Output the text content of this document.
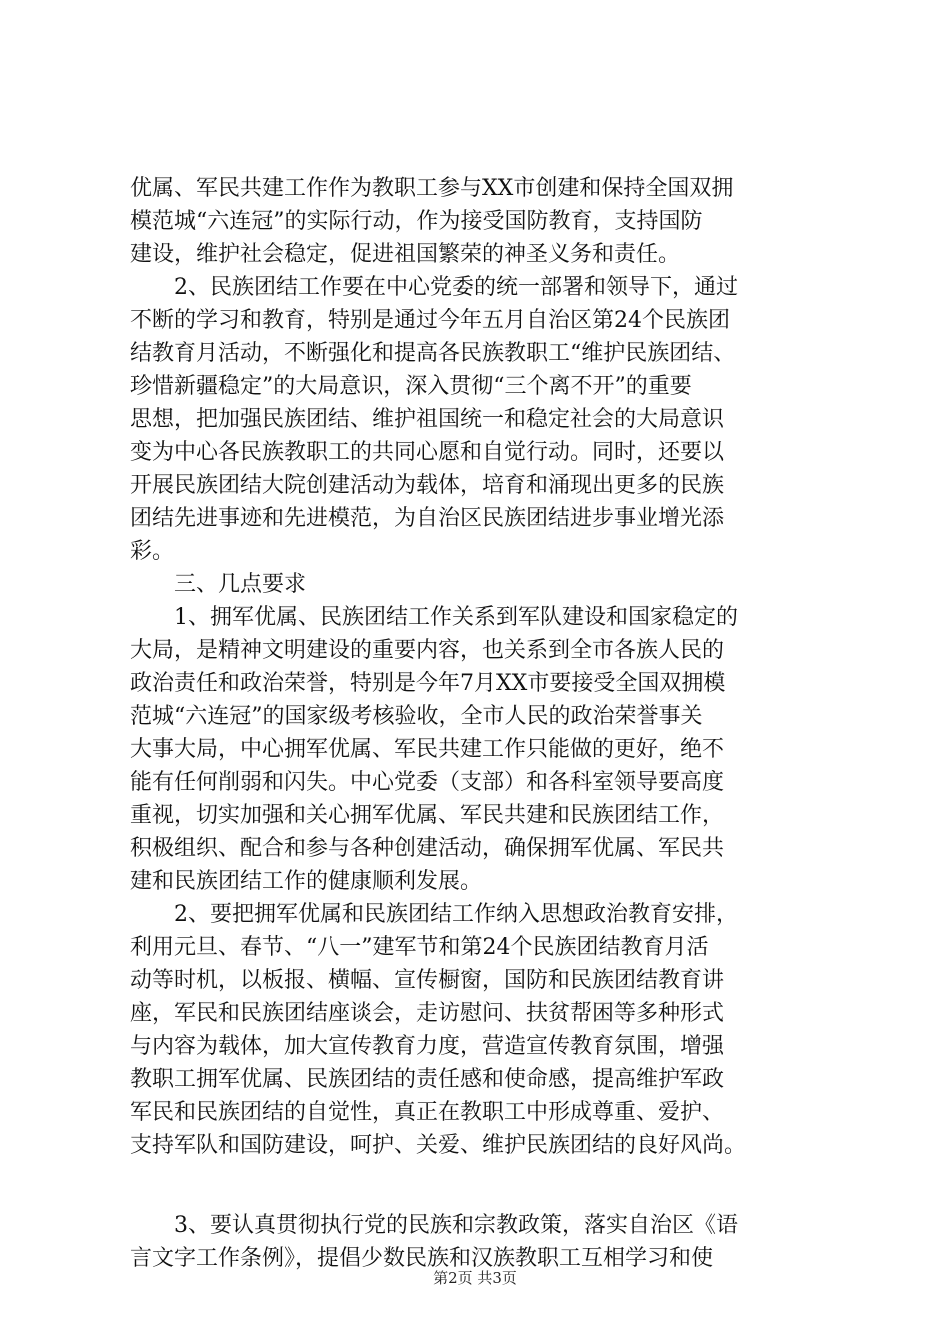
优属、军民共建工作作为教职工参与XX市创建和保持全国双拥
模范城“六连冠”的实际行动，作为接受国防教育，支持国防
建设，维护社会稳定，促进祖国繁荣的神圣义务和责任。
2、民族团结工作要在中心党委的统一部署和领导下，通过
不断的学习和教育，特别是通过今年五月自治区第24个民族团
结教育月活动，不断强化和提高各民族教职工“维护民族团结、
珍惜新疆稳定”的大局意识，深入贯彻“三个离不开”的重要
思想，把加强民族团结、维护祖国统一和稳定社会的大局意识
变为中心各民族教职工的共同心愿和自觉行动。同时，还要以
开展民族团结大院创建活动为载体，培育和涌现出更多的民族
团结先进事迹和先进模范，为自治区民族团结进步事业增光添
彩。
三、几点要求
1、拥军优属、民族团结工作关系到军队建设和国家稳定的
大局，是精神文明建设的重要内容，也关系到全市各族人民的
政治责任和政治荣誉，特别是今年7月XX市要接受全国双拥模
范城“六连冠”的国家级考核验收，全市人民的政治荣誉事关
大事大局，中心拥军优属、军民共建工作只能做的更好，绝不
能有任何削弱和闪失。中心党委（支部）和各科室领导要高度
重视，切实加强和关心拥军优属、军民共建和民族团结工作，
积极组织、配合和参与各种创建活动，确保拥军优属、军民共
建和民族团结工作的健康顺利发展。
2、要把拥军优属和民族团结工作纳入思想政治教育安排，
利用元旦、春节、“八一”建军节和第24个民族团结教育月活
动等时机，以板报、横幅、宣传橱窗，国防和民族团结教育讲
座，军民和民族团结座谈会，走访慰问、扶贫帮困等多种形式
与内容为载体，加大宣传教育力度，营造宣传教育氛围，增强
教职工拥军优属、民族团结的责任感和使命感，提高维护军政
军民和民族团结的自觉性，真正在教职工中形成尊重、爱护、
支持军队和国防建设，呵护、关爱、维护民族团结的良好风尚。
3、要认真贯彻执行党的民族和宗教政策，落实自治区《语
言文字工作条例》，提倡少数民族和汉族教职工互相学习和使
第2页 共3页
